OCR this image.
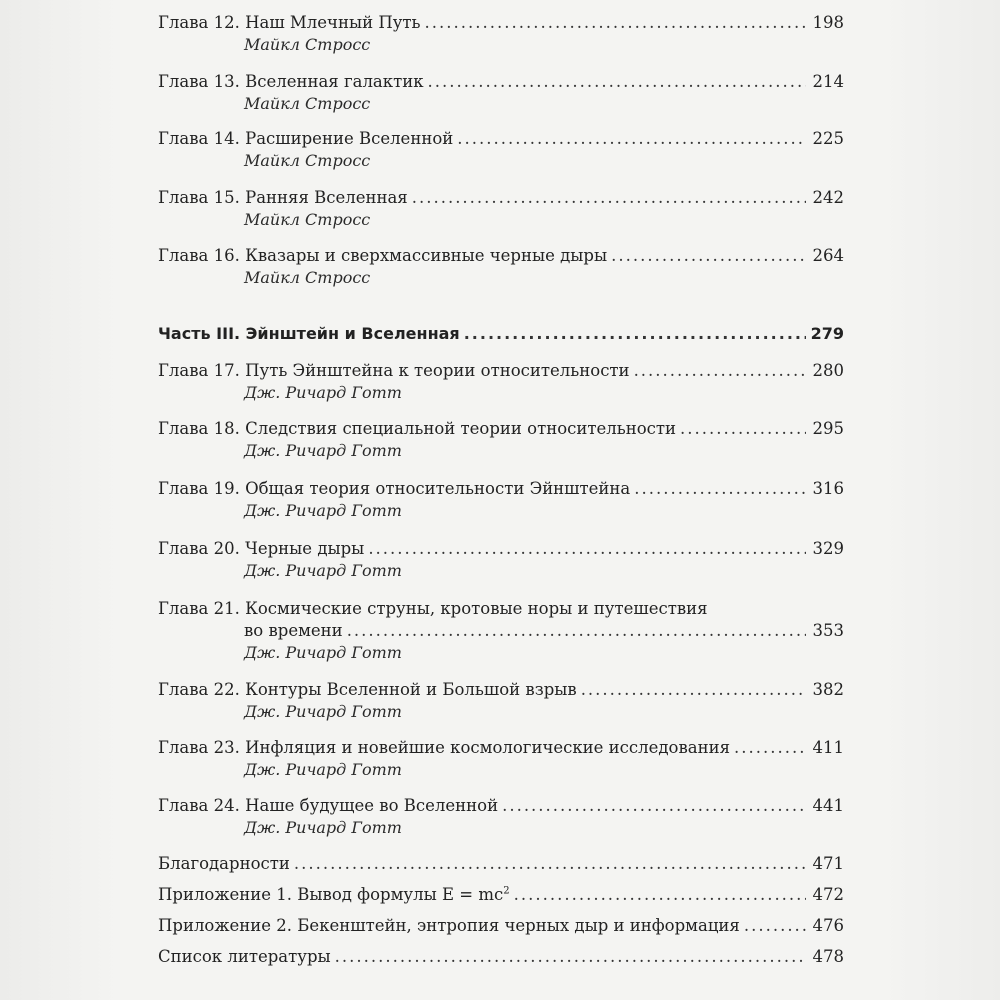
Глава 12. Наш Млечный Путь .....	198
Майкл Стросс
Глава 13. Вселенная галактик .....	214
Майкл Стросс
Глава 14. Расширение Вселенной .....	225
Майкл Стросс
Глава 15. Ранняя Вселенная .....	242
Майкл Стросс
Глава 16. Квазары и сверхмассивные черные дыры .....	264
Майкл Стросс
Часть III. Эйнштейн и Вселенная .....	279
Глава 17. Путь Эйнштейна к теории относительности .....	280
Дж. Ричард Готт
Глава 18. Следствия специальной теории относительности .....	295
Дж. Ричард Готт
Глава 19. Общая теория относительности Эйнштейна .....	316
Дж. Ричард Готт
Глава 20. Черные дыры .....	329
Дж. Ричард Готт
Глава 21. Космические струны, кротовые норы и путешествия
во времени .....	353
Дж. Ричард Готт
Глава 22. Контуры Вселенной и Большой взрыв .....	382
Дж. Ричард Готт
Глава 23. Инфляция и новейшие космологические исследования .....	411
Дж. Ричард Готт
Глава 24. Наше будущее во Вселенной .....	441
Дж. Ричард Готт
Благодарности .....	471
Приложение 1. Вывод формулы $E = mc^2$ .....	472
Приложение 2. Бекенштейн, энтропия черных дыр и информация .....	476
Список литературы .....	478
